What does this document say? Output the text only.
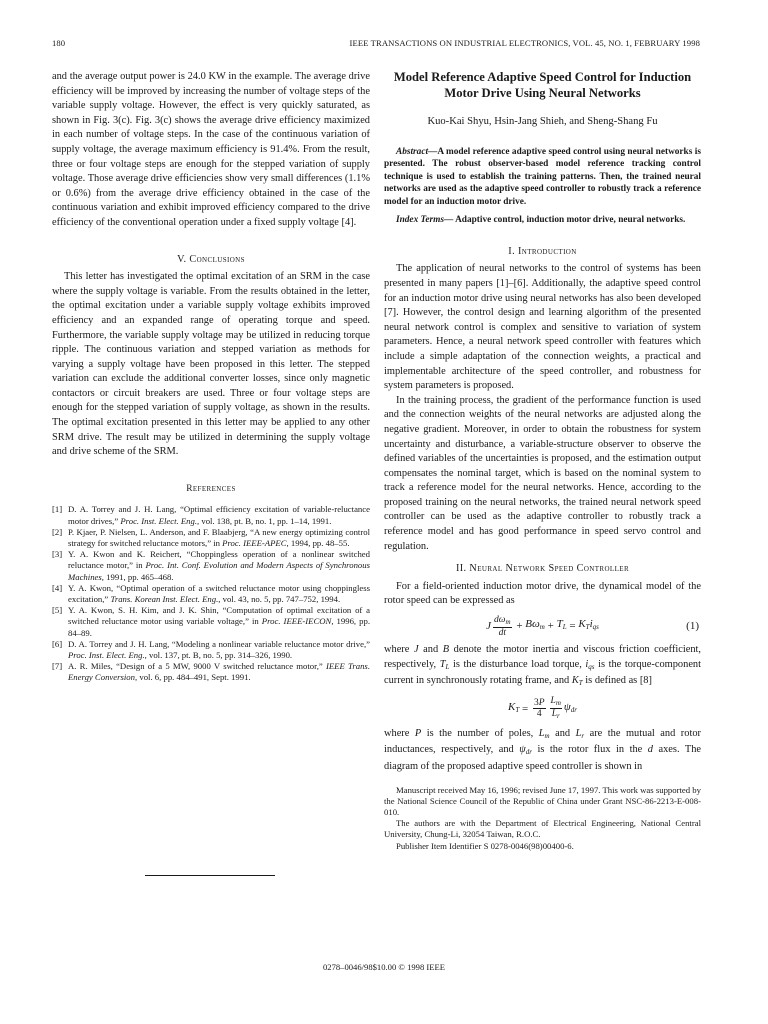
180	IEEE TRANSACTIONS ON INDUSTRIAL ELECTRONICS, VOL. 45, NO. 1, FEBRUARY 1998

and the average output power is 24.0 KW in the example. The average drive efficiency will be improved by increasing the number of voltage steps of the variable supply voltage. However, the effect is very quickly saturated, as shown in Fig. 3(c). Fig. 3(c) shows the average drive efficiency maximized in each number of voltage steps. In the case of the continuous variation of supply voltage, the average maximum efficiency is 91.4%. From the result, three or four voltage steps are enough for the stepped variation of supply voltage. Those average drive efficiencies show very small differences (1.1% or 0.6%) from the average drive efficiency obtained in the case of the continuous variation and exhibit improved efficiency compared to the drive efficiency of the conventional operation under a fixed supply voltage [4].

V. Conclusions

This letter has investigated the optimal excitation of an SRM in the case where the supply voltage is variable. From the results obtained in the letter, the optimal excitation under a variable supply voltage exhibits improved efficiency and an expanded range of operating torque and speed. Furthermore, the variable supply voltage may be utilized in reducing torque ripple. The continuous variation and stepped variation as methods for varying a supply voltage have been proposed in this letter. The stepped variation can exclude the additional converter losses, since only magnetic contactors or circuit breakers are used. Three or four voltage steps are enough for the stepped variation of supply voltage, as shown in the results. The optimal excitation presented in this letter may be applied to any other SRM drive. The result may be utilized in determining the supply voltage and drive scheme of the SRM.

References

[1] D. A. Torrey and J. H. Lang, “Optimal efficiency excitation of variable-reluctance motor drives,” Proc. Inst. Elect. Eng., vol. 138, pt. B, no. 1, pp. 1–14, 1991.
[2] P. Kjaer, P. Nielsen, L. Anderson, and F. Blaabjerg, “A new energy optimizing control strategy for switched reluctance motors,” in Proc. IEEE-APEC, 1994, pp. 48–55.
[3] Y. A. Kwon and K. Reichert, “Choppingless operation of a nonlinear switched reluctance motor,” in Proc. Int. Conf. Evolution and Modern Aspects of Synchronous Machines, 1991, pp. 465–468.
[4] Y. A. Kwon, “Optimal operation of a switched reluctance motor using choppingless excitation,” Trans. Korean Inst. Elect. Eng., vol. 43, no. 5, pp. 747–752, 1994.
[5] Y. A. Kwon, S. H. Kim, and J. K. Shin, “Computation of optimal excitation of a switched reluctance motor using variable voltage,” in Proc. IEEE-IECON, 1996, pp. 84–89.
[6] D. A. Torrey and J. H. Lang, “Modeling a nonlinear variable reluctance motor drive,” Proc. Inst. Elect. Eng., vol. 137, pt. B, no. 5, pp. 314–326, 1990.
[7] A. R. Miles, “Design of a 5 MW, 9000 V switched reluctance motor,” IEEE Trans. Energy Conversion, vol. 6, pp. 484–491, Sept. 1991.

Model Reference Adaptive Speed Control for Induction Motor Drive Using Neural Networks

Kuo-Kai Shyu, Hsin-Jang Shieh, and Sheng-Shang Fu

Abstract—A model reference adaptive speed control using neural networks is presented. The robust observer-based model reference tracking control technique is used to establish the training patterns. Then, the trained neural networks are used as the adaptive speed controller to robustly track a reference model for an induction motor drive.
Index Terms— Adaptive control, induction motor drive, neural networks.

I. Introduction

The application of neural networks to the control of systems has been presented in many papers [1]–[6]. Additionally, the adaptive speed control for an induction motor drive using neural networks has also been developed [7]. However, the control design and learning algorithm of the presented neural network control is complex and sensitive to variation of system parameters. Hence, a neural network speed controller with features which include a simple adaptation of the connection weights, a practical and implementable architecture of the speed controller, and robustness for system parameters is proposed.

In the training process, the gradient of the performance function is used and the connection weights of the neural networks are adjusted along the negative gradient. Moreover, in order to obtain the robustness for system uncertainty and disturbance, a variable-structure observer to observe the defined variables of the uncertainties is proposed, and the estimation output compensates the nominal target, which is based on the nominal system to track a reference model for the neural networks. Hence, according to the proposed training on the neural networks, the trained neural network speed controller can be used as the adaptive controller to robustly track a reference model and has good performance in speed servo control and regulation.

II. Neural Network Speed Controller

For a field-oriented induction motor drive, the dynamical model of the rotor speed can be expressed as

J $\frac{d\omega_m}{dt} + B\omega_m + T_L = K_Ti_{qs}$	(1)

where J and B denote the motor inertia and viscous friction coefficient, respectively, $T_L$ is the disturbance load torque, $i_{qs}$ is the torque-component current in synchronously rotating frame, and $K_T$ is defined as [8]

$K_T = \frac{3P}{4} \frac{L_m}{L_r} \psi_{dr}$

where P is the number of poles, $L_m$ and $L_r$ are the mutual and rotor inductances, respectively, and $\psi_{dr}$ is the rotor flux in the d axes. The diagram of the proposed adaptive speed controller is shown in

Manuscript received May 16, 1996; revised June 17, 1997. This work was supported by the National Science Council of the Republic of China under Grant NSC-86-2213-E-008-010.

The authors are with the Department of Electrical Engineering, National Central University, Chung-Li, 32054 Taiwan, R.O.C.

Publisher Item Identifier S 0278-0046(98)00400-6.

0278–0046/98$10.00 © 1998 IEEE
